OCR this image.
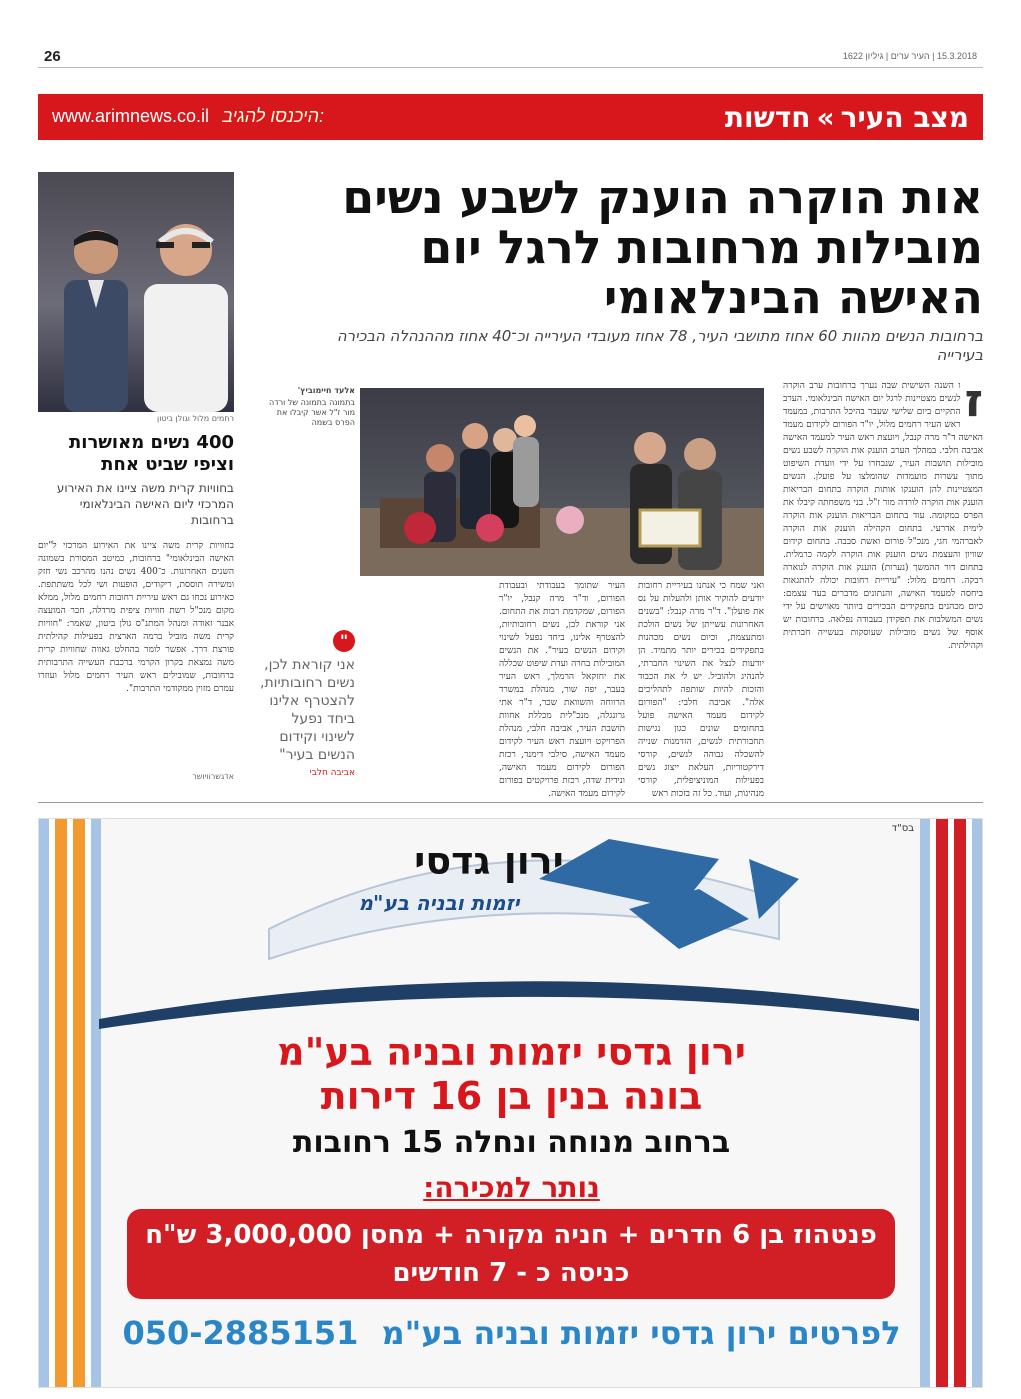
26	15.3.2018 | העיר ערים | גיליון 1622
מצב העיר»חדשות
www.arimnews.co.il היכנסו להגיב:
רחמים מלול וגולן ביטון
אות הוקרה הוענק לשבע נשים מובילות מרחובות לרגל יום האישה הבינלאומי
ברחובות הנשים מהוות 60 אחוז מתושבי העיר, 78 אחוז מעובדי העירייה וכ־40 אחוז מההנהלה הבכירה בעירייה
ז
ו השנה השישית שבה נערך ברחובות ערב הוקרה לנשים מצטיינות לרגל יום האישה הבינלאומי. הערב התקיים ביום שלישי שעבר בהיכל התרבות, במעמד ראש העיר רחמים מלול, יו"ר הפורום לקידום מעמד האישה ד"ר מרה קנבל, ויועצת ראש העיר למעמד האישה אביבה חלבי. במהלך הערב הוענק אות הוקרה לשבע נשים מובילות תושבות העיר, שנבחרו על ידי וועדת השיפוט מתוך עשרות מועמדות שהומלצו על פועלן. הנשים המצטיינות להן הוענקו אותות הוקרה בתחום הבריאות הוענק אות הוקרה לורדה מור ז"ל. בני משפחתה קיבלו את הפרס במקומה. עוד בתחום הבריאות הוענק אות הוקרה לימית אדרעי. בתחום הקהילה הוענק אות הוקרה לאברהמי חגי, מנכ"ל פורום ואשת סבבה. בתחום קידום שוויון והעצמת נשים הוענק אות הוקרה לקמה כרמלית. בתחום דור ההמשך (נערות) הוענק אות הוקרה לנוארה רבקה. רחמים מלול: "עיריית רחובות יכולה להתגאות ביחסה למעמד האישה, והנתונים מדברים בעד עצמם: כיום מכהנים בתפקידים הבכירים ביותר מאוישים על ידי נשים המשלבות את תפקידן בעבודה נפלאה. ברחובות יש אוסף של נשים מובילות שעוסקות בעשייה חברתית וקהילתית.
אלעד חיימוביץ'
בתמונה בתמונה של ורדה מור ז"ל אשר קיבלו את הפרס בשמה
ואני שמח כי אנחנו בעיריית רחובות יודעים להוקיר אותן ולהעלות על נס את פועלן". ד"ר מרה קנבל: "בשנים האחרונות עשייתן של נשים הולכת ומתעצמת, וכיום נשים מכהנות בתפקידים בכירים יותר מתמיד. הן יודעות לנצל את השינוי החברתי, להנהיג ולהוביל. יש לי את הכבוד והזכות להיות שותפה לתהליכים אלה". אביבה חלבי: "הפורום לקידום מעמד האישה פועל בתחומים שונים כגון נגישות תחבורתית לנשים, הזדמנות שנייה להשכלה גבוהה לנשים, קורסי דירקטוריות, העלאת ייצוג נשים בפעילות המוניציפלית, קורסי מנהיגות, ועוד. כל זה בזכות ראש
העיר שתומך בעבודתי ובעבודת הפורום, וד"ר מרה קנבל, יו"ר הפורום, שמקדמת רבות את התחום. אני קוראת לכן, נשים רחובותיות, להצטרף אלינו, ביחד נפעל לשינוי וקידום הנשים בעיר". את הנשים המובילות בחרה ועדת שיפוט שכללה את יחזקאל הרמלך, ראש העיר בעבר, יפה שור, מנהלת במשרד הרווחה והשוואת שכר, ד"ר אתי גרונגלה, מנכ"לית מכללת אחוות תושבת העיר, אביבה חלבי, מנהלת הפרויקט ויועצת ראש העיר לקידום מעמד האישה, סילבי דימנד, רכזת הפורום לקידום מעמד האישה, ונידית שדה, רכזת פרויקטים בפורום לקידום מעמד האישה.
"
אני קוראת לכן, נשים רחובותיות, להצטרף אלינו ביחד נפעל לשינוי וקידום הנשים בעיר"
אביבה חלבי
400 נשים מאושרות וציפי שביט אחת
בחוויות קרית משה ציינו את האירוע המרכזי ליום האישה הבינלאומי ברחובות
בחוויות קרית משה ציינו את האירוע המרכזי ל"יום האישה הבינלאומי" ברחובות, כמיטב המסורת בשמונה השנים האחרונות. כ־400 נשים נהנו מהרכב נשי חזק ומשירה תוססת, ריקודים, הופעות ושי לכל משתתפת. כאירוע נכחו גם ראש עיריית רחובות רחמים מלול, ממלא מקום מנכ"ל רשת חוויות ציפית מרדלה, חבר המועצה אבנר זאודה ומנהל המתנ"ס גולן ביטון, שאמר: "חוויות קרית משה מוביל ברמה הארצית בפעילות קהילתית פורצת דרך. אפשר לומר בהחלט גאווה שחוויות קרית משה נמצאת בקרון הקרמי ברכבת העשייה התרבותית ברחובות, שמובילים ראש העיר רחמים מלול ועוזרו עמרם מזוין ממקודמי התרבות".
אדגשרוויושר
בס"ד
ירון גדסי
יזמות ובניה בע"מ
ירון גדסי יזמות ובניה בע"מ
בונה בנין בן 16 דירות
ברחוב מנוחה ונחלה 15 רחובות
נותר למכירה:
פנטהוז בן 6 חדרים + חניה מקורה + מחסן 3,000,000 ש"ח
כניסה כ - 7 חודשים
לפרטים ירון גדסי יזמות ובניה בע"מ 050-2885151
